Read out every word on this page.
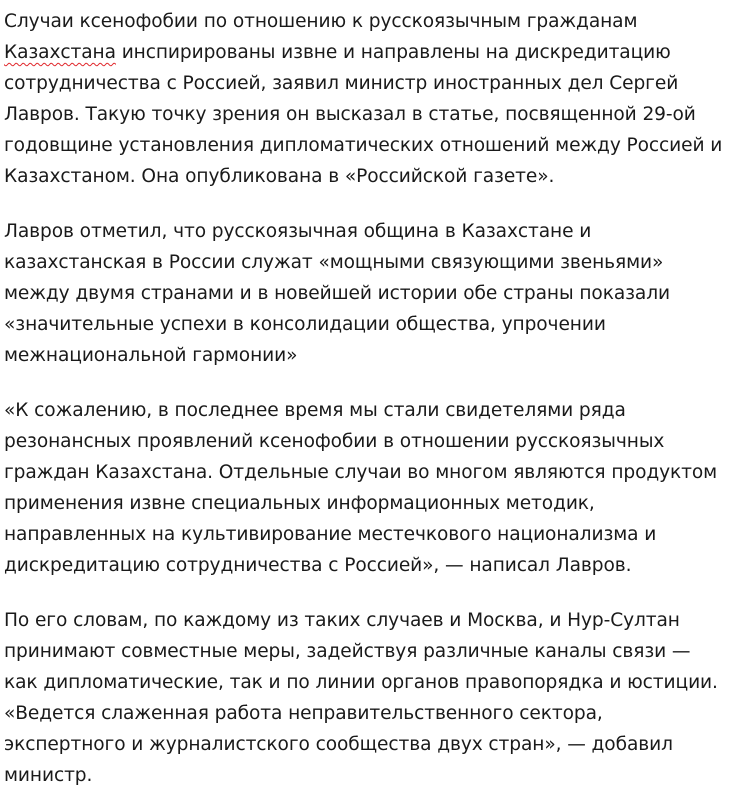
Случаи ксенофобии по отношению к русскоязычным гражданам
Казахстана инспирированы извне и направлены на дискредитацию сотрудничества с Россией, заявил министр иностранных дел Сергей Лавров. Такую точку зрения он высказал в статье, посвященной 29-ой годовщине установления дипломатических отношений между Россией и Казахстаном. Она опубликована в «Российской газете».

Лавров отметил, что русскоязычная община в Казахстане и казахстанская в России служат «мощными связующими звеньями» между двумя странами и в новейшей истории обе страны показали «значительные успехи в консолидации общества, упрочении межнациональной гармонии»

«К сожалению, в последнее время мы стали свидетелями ряда резонансных проявлений ксенофобии в отношении русскоязычных граждан Казахстана. Отдельные случаи во многом являются продуктом применения извне специальных информационных методик, направленных на культивирование местечкового национализма и дискредитацию сотрудничества с Россией», — написал Лавров.

По его словам, по каждому из таких случаев и Москва, и Нур-Султан принимают совместные меры, задействуя различные каналы связи — как дипломатические, так и по линии органов правопорядка и юстиции. «Ведется слаженная работа неправительственного сектора, экспертного и журналистского сообщества двух стран», — добавил министр.
